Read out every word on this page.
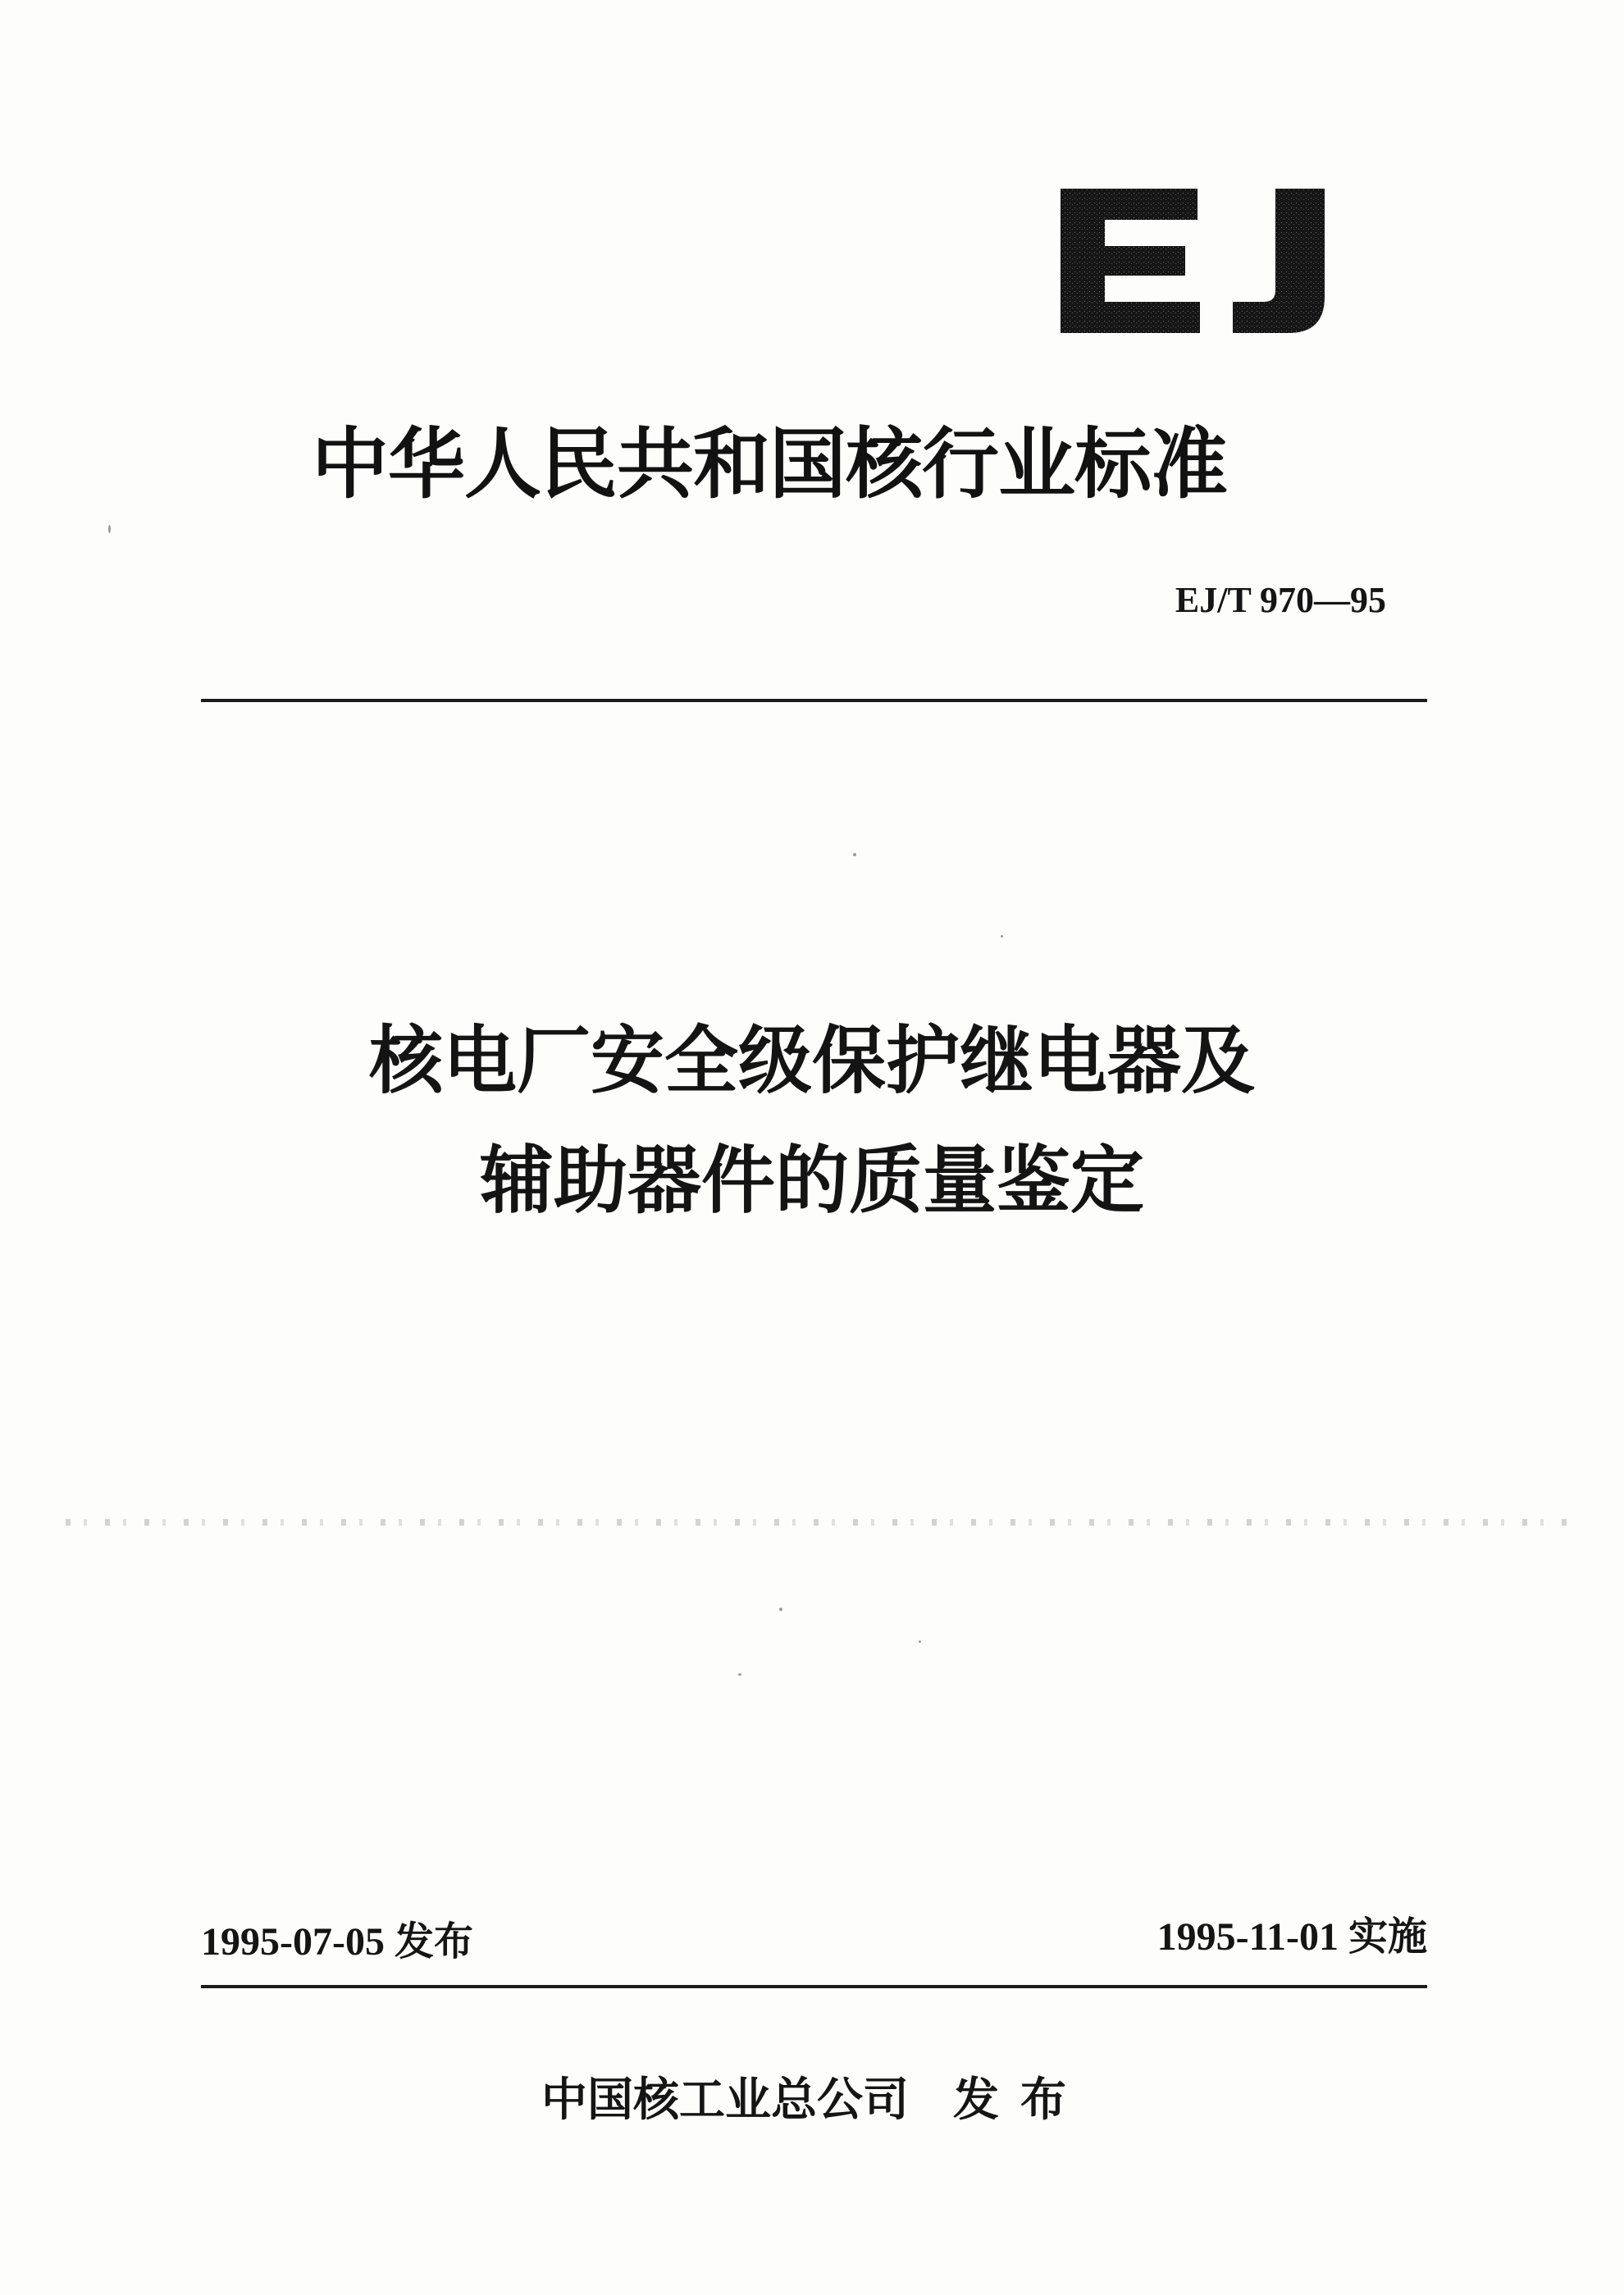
EJ
中华人民共和国核行业标准
EJ/T 970—95
核电厂安全级保护继电器及
辅助器件的质量鉴定
1995-07-05 发布	1995-11-01 实施
中国核工业总公司 发布
